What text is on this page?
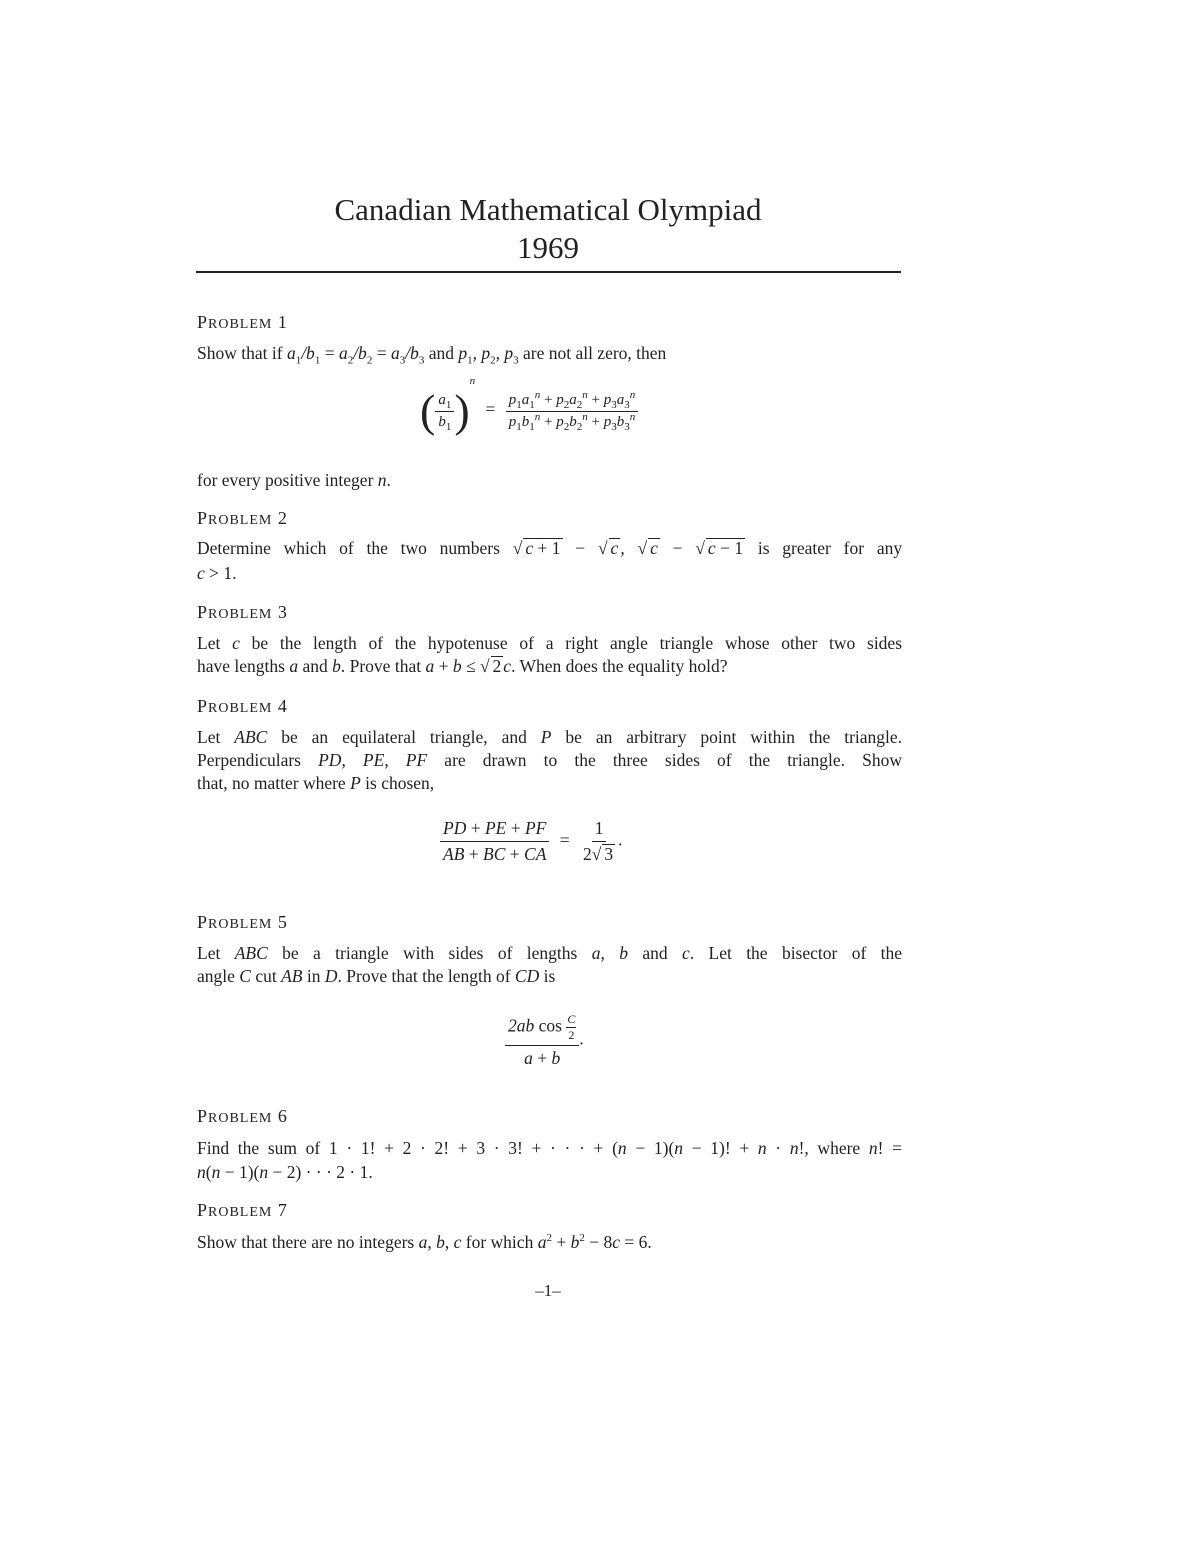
Canadian Mathematical Olympiad
1969
PROBLEM 1
Show that if $a_1/b_1 = a_2/b_2 = a_3/b_3$ and $p_1$, $p_2$, $p_3$ are not all zero, then
( $\frac{a_1}{b_1} )^n = \frac{p_1a_1^n + p_2a_2^n + p_3a_3^n}{p_1b_1^n + p_2b_2^n + p_3b_3^n}$
for every positive integer n.
PROBLEM 2
Determine which of the two numbers √ c + 1 − √ c , √ c − √ c − 1 is greater for any
c > 1.
PROBLEM 3
Let c be the length of the hypotenuse of a right angle triangle whose other two sides
have lengths a and b. Prove that a + b ≤ √ 2 c. When does the equality hold?
PROBLEM 4
Let ABC be an equilateral triangle, and P be an arbitrary point within the triangle.
Perpendiculars PD, PE, PF are drawn to the three sides of the triangle. Show
that, no matter where P is chosen,
$\frac{PD + PE + PF}{AB + BC + CA} = \frac{1}{2√ 3}$ .
PROBLEM 5
Let ABC be a triangle with sides of lengths a, b and c. Let the bisector of the
angle C cut AB in D. Prove that the length of CD is
$\frac{2ab \cos \frac{C}{2}}{a + b}$ .
PROBLEM 6
Find the sum of 1 · 1! + 2 · 2! + 3 · 3! + · · · + (n − 1)(n − 1)! + n · n!, where n! =
n(n − 1)(n − 2) · · · 2 · 1.
PROBLEM 7
Show that there are no integers a, b, c for which $a^2 + b^2 - 8c = 6$.
–1–
